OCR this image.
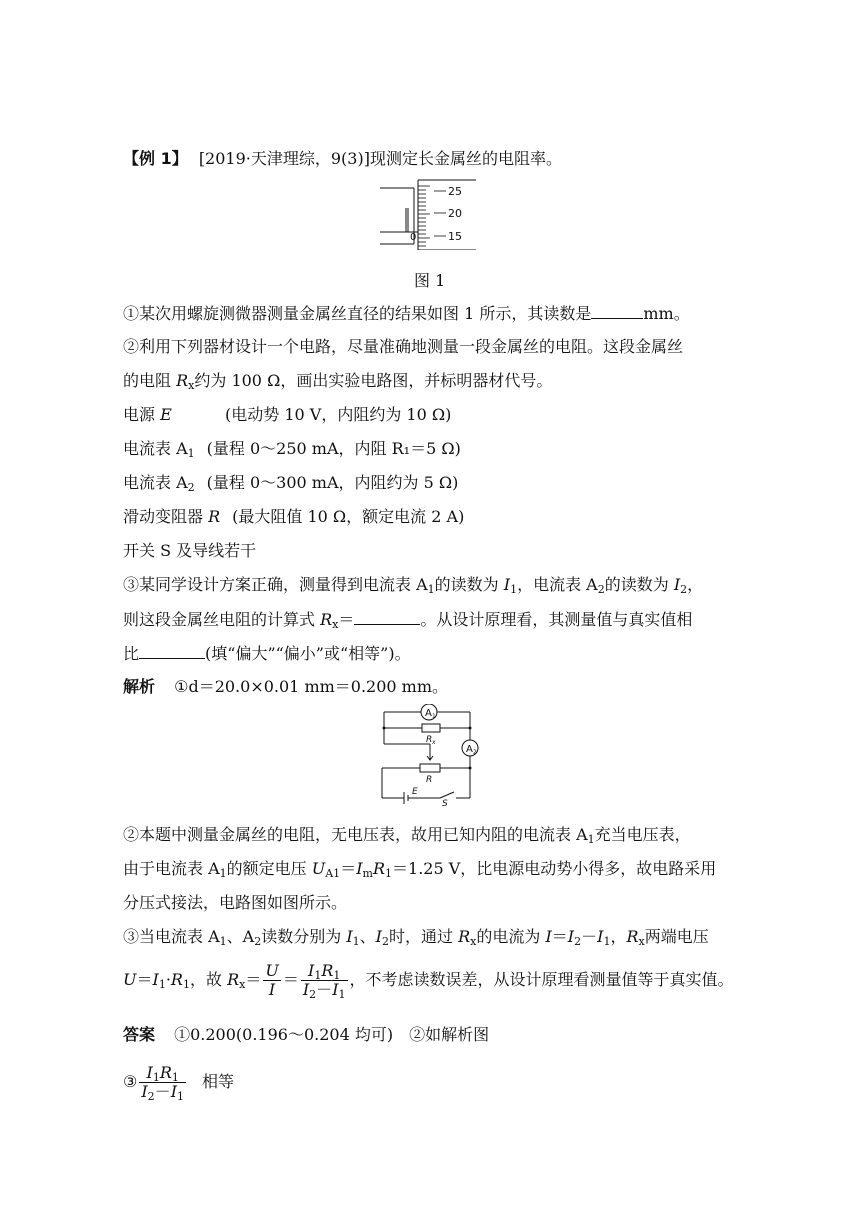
【例 1】 [2019·天津理综，9(3)]现测定长金属丝的电阻率。
25
20
15
0
图 1
①某次用螺旋测微器测量金属丝直径的结果如图 1 所示，其读数是	mm。
②利用下列器材设计一个电路，尽量准确地测量一段金属丝的电阻。这段金属丝
的电阻 $R_x$约为 100 Ω，画出实验电路图，并标明器材代号。
电源 E	(电动势 10 V，内阻约为 10 Ω)
电流表 $A_1$ (量程 0～250 mA，内阻 R₁＝5 Ω)
电流表 $A_2$ (量程 0～300 mA，内阻约为 5 Ω)
滑动变阻器 R (最大阻值 10 Ω，额定电流 2 A)
开关 S 及导线若干
③某同学设计方案正确，测量得到电流表 $A_1$的读数为 $I_1$，电流表 $A_2$的读数为 $I_2$，
则这段金属丝电阻的计算式 $R_x=$	。从设计原理看，其测量值与真实值相
比	(填“偏大”“偏小”或“相等”)。
解析 ①d＝20.0×0.01 mm＝0.200 mm。
A 1
A 2
R x
R
E
S
②本题中测量金属丝的电阻，无电压表，故用已知内阻的电流表 $A_1$充当电压表，
由于电流表 $A_1$的额定电压 $U_{A1}=I_mR_1=1.25$ V，比电源电动势小得多，故电路采用
分压式接法，电路图如图所示。
③当电流表 $A_1$、$A_2$读数分别为 $I_1$、$I_2$时，通过 $R_x$的电流为 $I=I_2-I_1$，$R_x$两端电压
$U=I_1\cdot R_1$，故 $R_x= \frac{U}{I} = \frac{I_1R_1}{I_2-I_1}$ ，不考虑读数误差，从设计原理看测量值等于真实值。
答案 ①0.200(0.196～0.204 均可)　②如解析图
③ $\frac{I_1R_1}{I_2-I_1}$ 相等
